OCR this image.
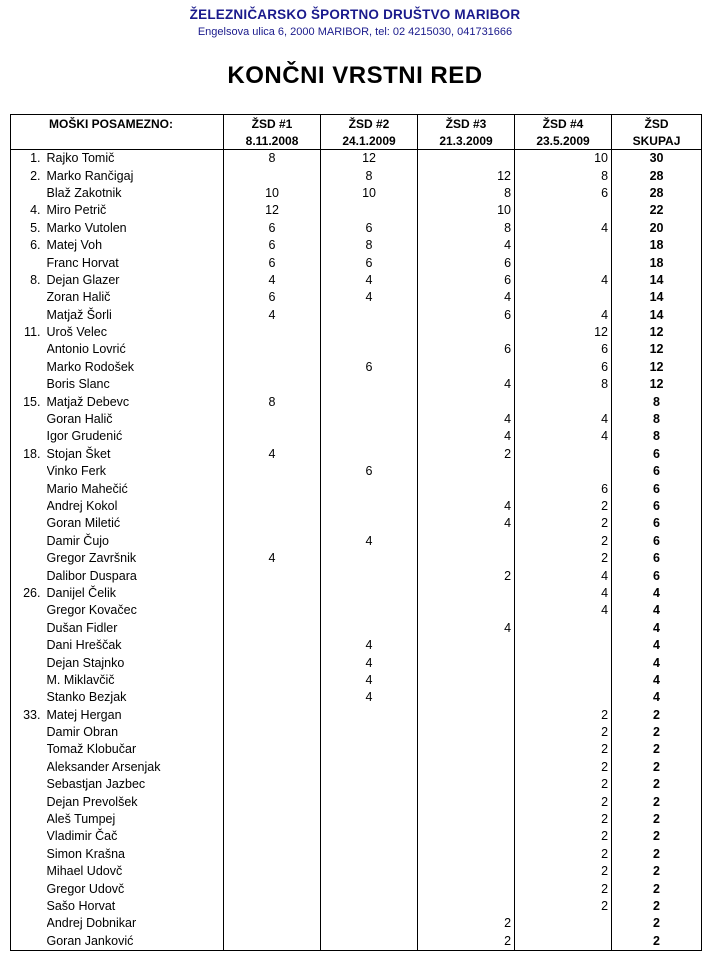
ŽELEZNIČARSKO ŠPORTNO DRUŠTVO MARIBOR
Engelsova ulica 6, 2000 MARIBOR, tel: 02 4215030, 041731666
KONČNI VRSTNI RED
MOŠKI POSAMEZNO:		ŽSD #1	ŽSD #2	ŽSD #3	ŽSD #4	ŽSD
		8.11.2008	24.1.2009	21.3.2009	23.5.2009	SKUPAJ
1.	Rajko Tomič	8	12		10	30
2.	Marko Rančigaj		8	12	8	28
	Blaž Zakotnik	10	10	8	6	28
4.	Miro Petrič	12		10		22
5.	Marko Vutolen	6	6	8	4	20
6.	Matej Voh	6	8	4		18
	Franc Horvat	6	6	6		18
8.	Dejan Glazer	4	4	6	4	14
	Zoran Halič	6	4	4		14
	Matjaž Šorli	4		6	4	14
11.	Uroš Velec				12	12
	Antonio Lovrić			6	6	12
	Marko Rodošek		6		6	12
	Boris Slanc			4	8	12
15.	Matjaž Debevc	8				8
	Goran Halič			4	4	8
	Igor Grudenić			4	4	8
18.	Stojan Šket	4		2		6
	Vinko Ferk		6			6
	Mario Mahečić				6	6
	Andrej Kokol			4	2	6
	Goran Miletić			4	2	6
	Damir Čujo		4		2	6
	Gregor Završnik	4			2	6
	Dalibor Duspara			2	4	6
26.	Danijel Čelik				4	4
	Gregor Kovačec				4	4
	Dušan Fidler			4		4
	Dani Hreščak		4			4
	Dejan Stajnko		4			4
	M. Miklavčič		4			4
	Stanko Bezjak		4			4
33.	Matej Hergan				2	2
	Damir Obran				2	2
	Tomaž Klobučar				2	2
	Aleksander Arsenjak				2	2
	Sebastjan Jazbec				2	2
	Dejan Prevolšek				2	2
	Aleš Tumpej				2	2
	Vladimir Čač				2	2
	Simon Krašna				2	2
	Mihael Udovč				2	2
	Gregor Udovč				2	2
	Sašo Horvat				2	2
	Andrej Dobnikar			2		2
	Goran Janković			2		2
